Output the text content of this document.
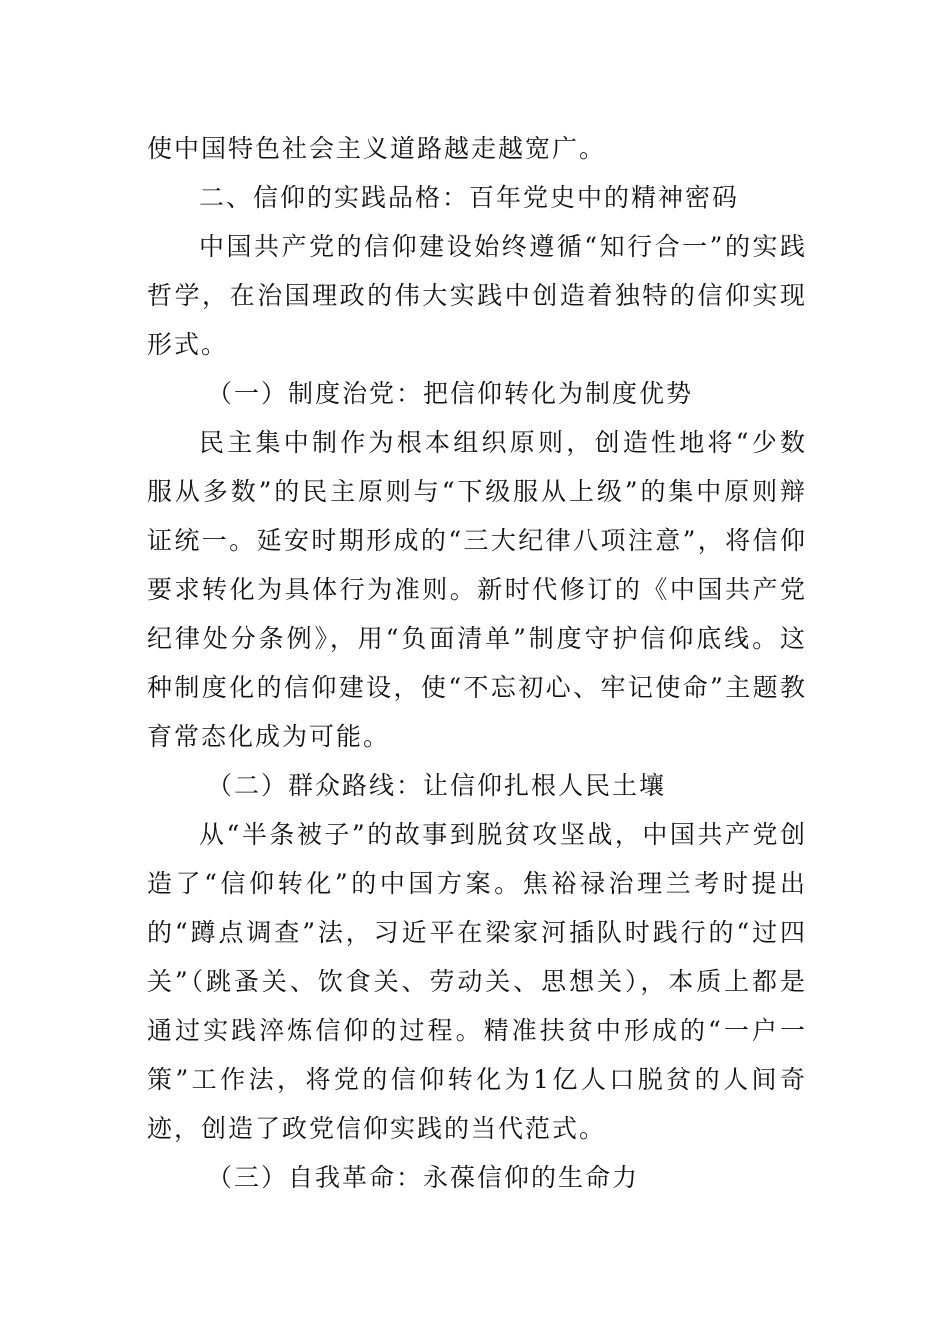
使中国特色社会主义道路越走越宽广。

二、信仰的实践品格：百年党史中的精神密码

中国共产党的信仰建设始终遵循“知行合一”的实践哲学，在治国理政的伟大实践中创造着独特的信仰实现形式。

（一）制度治党：把信仰转化为制度优势

民主集中制作为根本组织原则，创造性地将“少数服从多数”的民主原则与“下级服从上级”的集中原则辩证统一。延安时期形成的“三大纪律八项注意”，将信仰要求转化为具体行为准则。新时代修订的《中国共产党纪律处分条例》，用“负面清单”制度守护信仰底线。这种制度化的信仰建设，使“不忘初心、牢记使命”主题教育常态化成为可能。

（二）群众路线：让信仰扎根人民土壤

从“半条被子”的故事到脱贫攻坚战，中国共产党创造了“信仰转化”的中国方案。焦裕禄治理兰考时提出的“蹲点调查”法，习近平在梁家河插队时践行的“过四关”（跳蚤关、饮食关、劳动关、思想关），本质上都是通过实践淬炼信仰的过程。精准扶贫中形成的“一户一策”工作法，将党的信仰转化为1亿人口脱贫的人间奇迹，创造了政党信仰实践的当代范式。

（三）自我革命：永葆信仰的生命力
